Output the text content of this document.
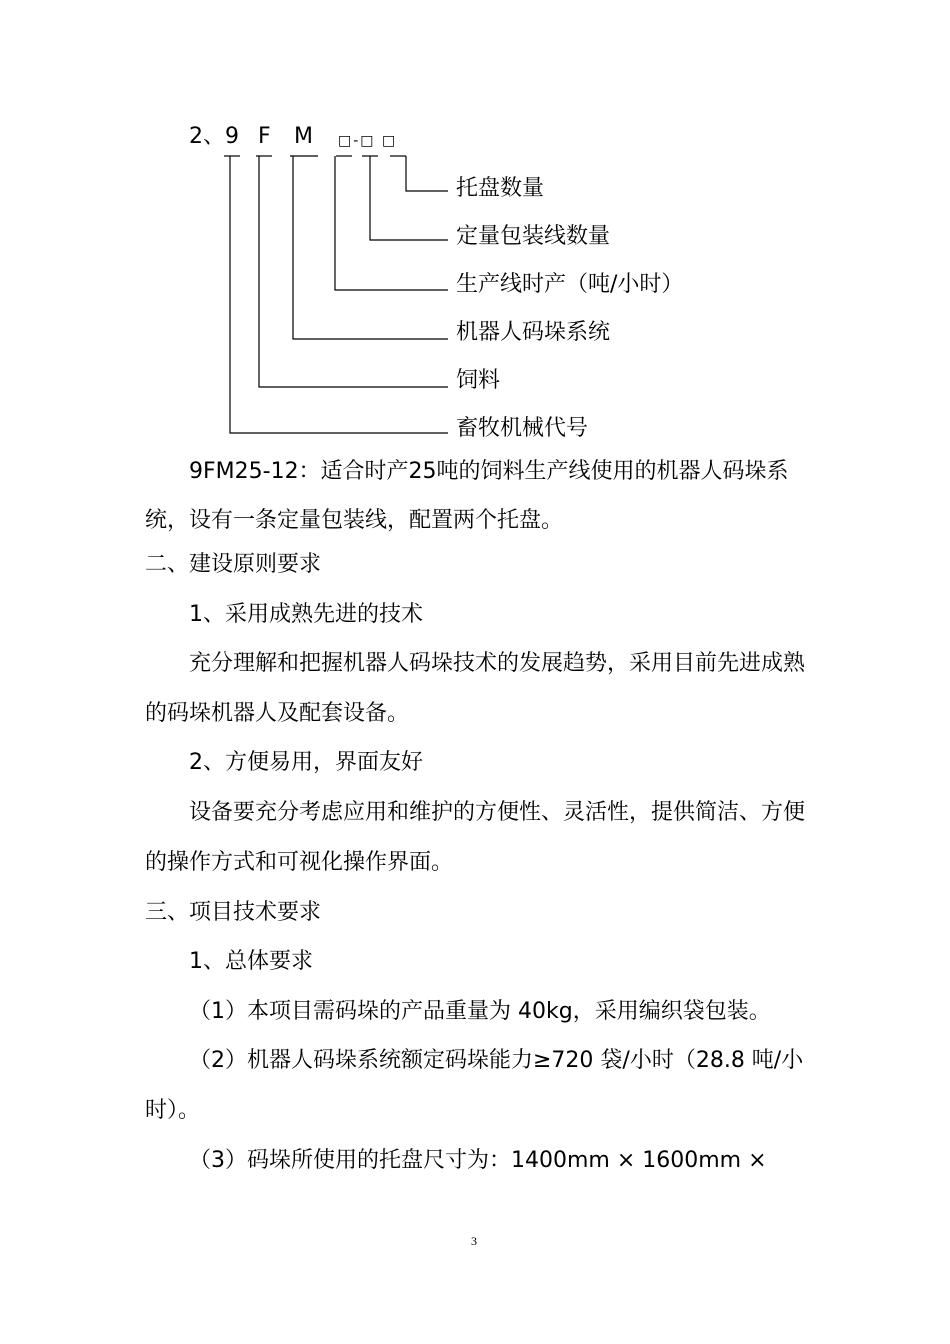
2、9 F M □-□ □
托盘数量
定量包装线数量
生产线时产（吨/小时）
机器人码垛系统
饲料
畜牧机械代号
9FM25-12：适合时产25吨的饲料生产线使用的机器人码垛系
统，设有一条定量包装线，配置两个托盘。
二、建设原则要求
1、采用成熟先进的技术
充分理解和把握机器人码垛技术的发展趋势，采用目前先进成熟
的码垛机器人及配套设备。
2、方便易用，界面友好
设备要充分考虑应用和维护的方便性、灵活性，提供简洁、方便
的操作方式和可视化操作界面。
三、项目技术要求
1、总体要求
（1）本项目需码垛的产品重量为 40kg，采用编织袋包装。
（2）机器人码垛系统额定码垛能力≥720 袋/小时（28.8 吨/小
时）。
（3）码垛所使用的托盘尺寸为：1400mm × 1600mm ×
3
